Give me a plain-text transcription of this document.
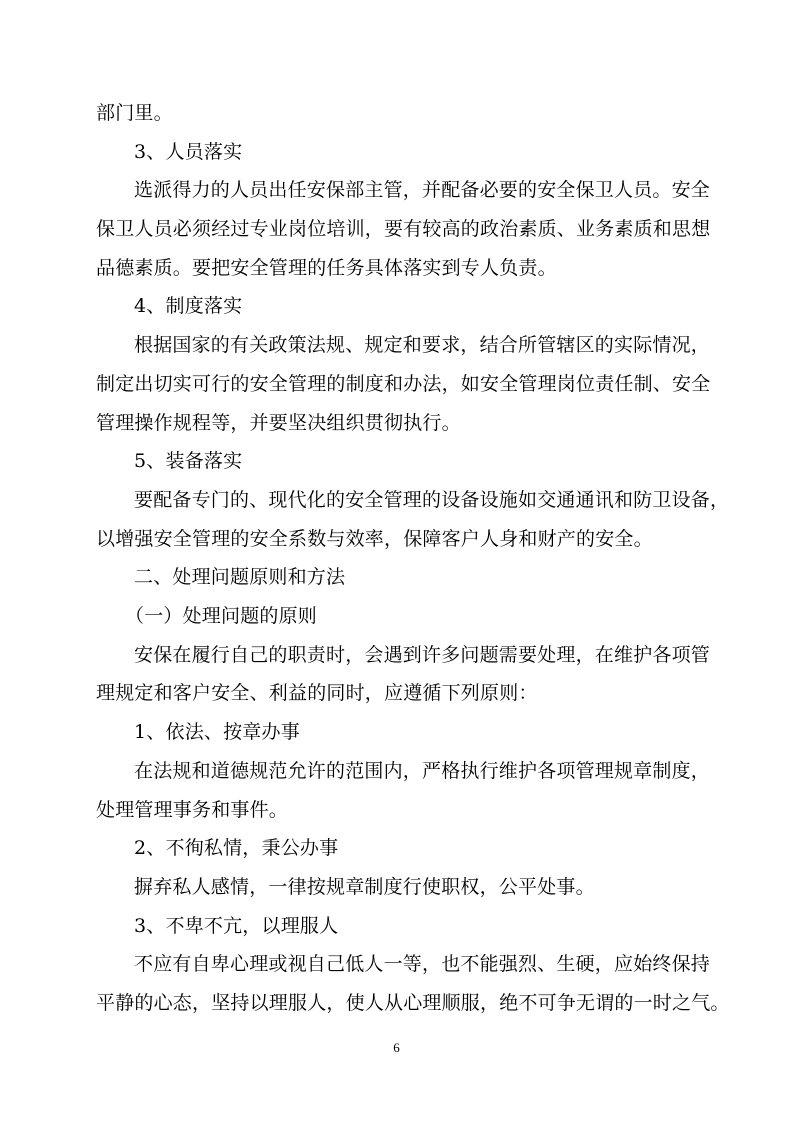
部门里。
3、人员落实
选派得力的人员出任安保部主管，并配备必要的安全保卫人员。安全
保卫人员必须经过专业岗位培训，要有较高的政治素质、业务素质和思想
品德素质。要把安全管理的任务具体落实到专人负责。
4、制度落实
根据国家的有关政策法规、规定和要求，结合所管辖区的实际情况，
制定出切实可行的安全管理的制度和办法，如安全管理岗位责任制、安全
管理操作规程等，并要坚决组织贯彻执行。
5、装备落实
要配备专门的、现代化的安全管理的设备设施如交通通讯和防卫设备，
以增强安全管理的安全系数与效率，保障客户人身和财产的安全。
二、处理问题原则和方法
（一）处理问题的原则
安保在履行自己的职责时，会遇到许多问题需要处理，在维护各项管
理规定和客户安全、利益的同时，应遵循下列原则：
1、依法、按章办事
在法规和道德规范允许的范围内，严格执行维护各项管理规章制度，
处理管理事务和事件。
2、不徇私情，秉公办事
摒弃私人感情，一律按规章制度行使职权，公平处事。
3、不卑不亢，以理服人
不应有自卑心理或视自己低人一等，也不能强烈、生硬，应始终保持
平静的心态，坚持以理服人，使人从心理顺服，绝不可争无谓的一时之气。
6
